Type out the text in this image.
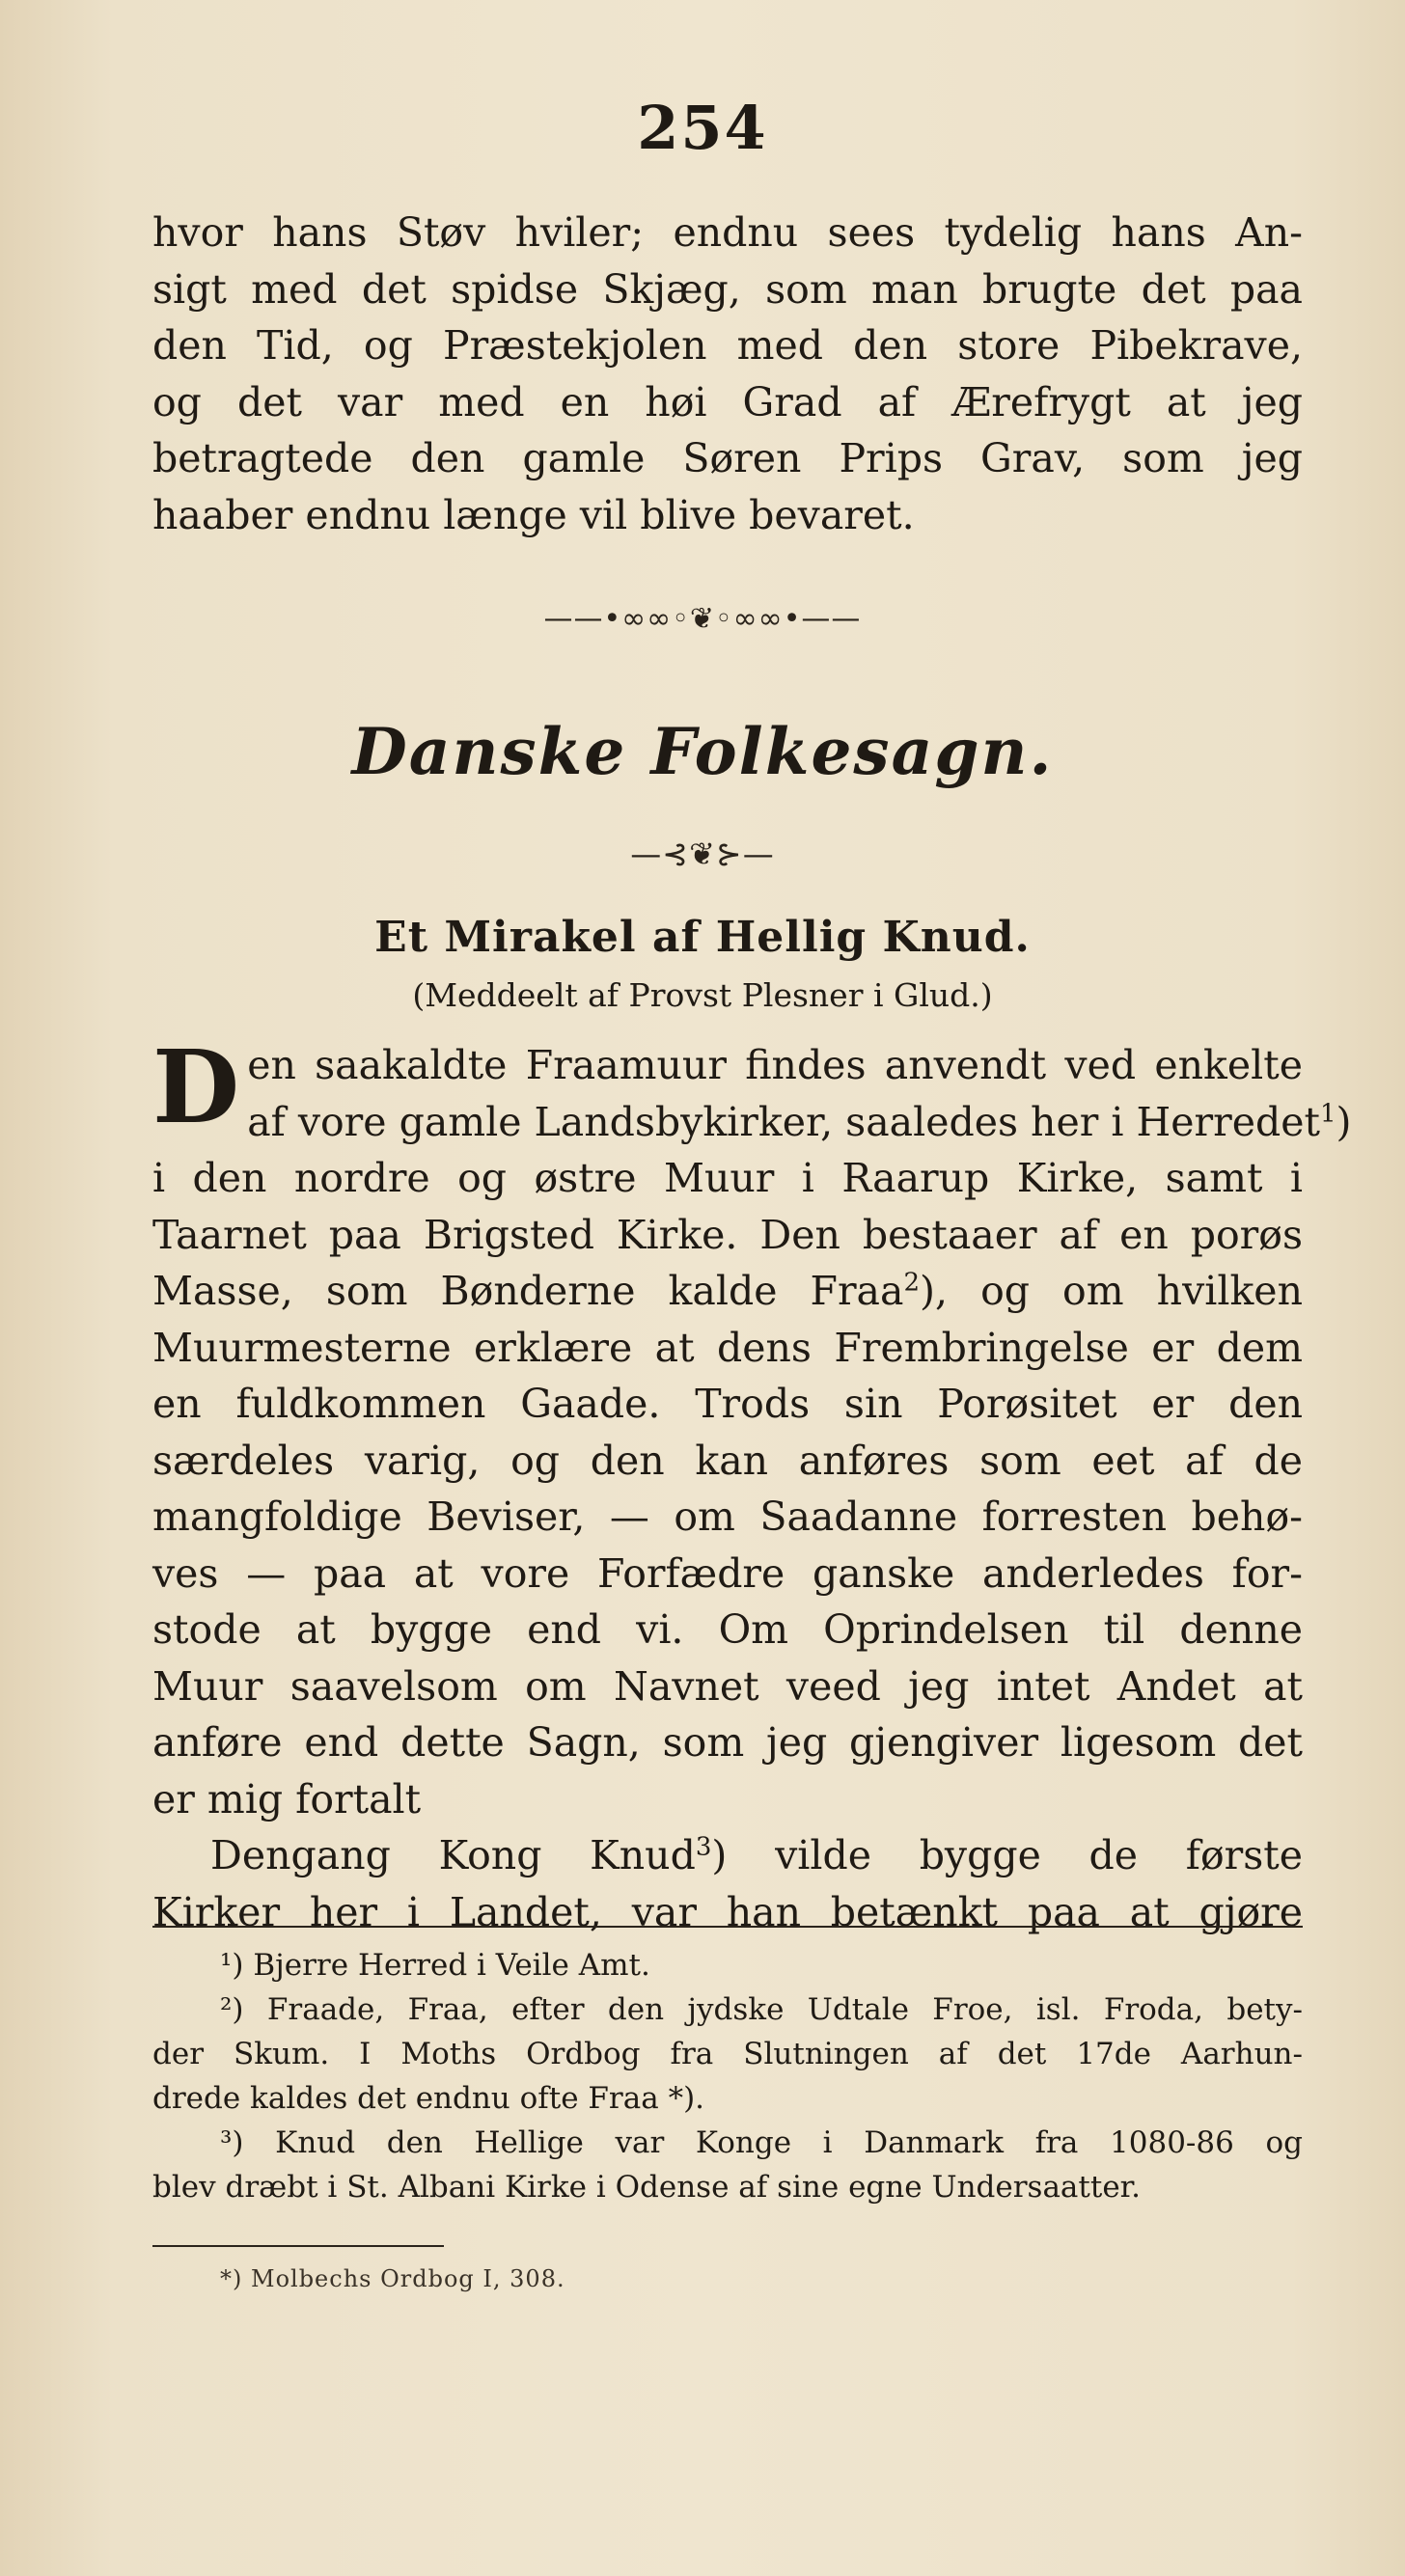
254
hvor hans Støv hviler; endnu sees tydelig hans An-
sigt med det spidse Skjæg, som man brugte det paa
den Tid, og Præstekjolen med den store Pibekrave,
og det var med en høi Grad af Ærefrygt at jeg
betragtede den gamle Søren Prips Grav, som jeg
haaber endnu længe vil blive bevaret.
——•∞∞◦❦◦∞∞•——
Danske Folkesagn.
—⊰❦⊱—
Et Mirakel af Hellig Knud.
(Meddeelt af Provst Plesner i Glud.)
D en saakaldte Fraamuur findes anvendt ved enkelte
af vore gamle Landsbykirker, saaledes her i Herredet$^1$)
i den nordre og østre Muur i Raarup Kirke, samt i
Taarnet paa Brigsted Kirke. Den bestaaer af en porøs
Masse, som Bønderne kalde Fraa$^2$), og om hvilken
Muurmesterne erklære at dens Frembringelse er dem
en fuldkommen Gaade. Trods sin Porøsitet er den
særdeles varig, og den kan anføres som eet af de
mangfoldige Beviser, — om Saadanne forresten behø-
ves — paa at vore Forfædre ganske anderledes for-
stode at bygge end vi. Om Oprindelsen til denne
Muur saavelsom om Navnet veed jeg intet Andet at
anføre end dette Sagn, som jeg gjengiver ligesom det
er mig fortalt
Dengang Kong Knud$^3$) vilde bygge de første
Kirker her i Landet, var han betænkt paa at gjøre
¹) Bjerre Herred i Veile Amt.
²) Fraade, Fraa, efter den jydske Udtale Froe, isl. Froda, bety-
der Skum. I Moths Ordbog fra Slutningen af det 17de Aarhun-
drede kaldes det endnu ofte Fraa *).
³) Knud den Hellige var Konge i Danmark fra 1080-86 og
blev dræbt i St. Albani Kirke i Odense af sine egne Undersaatter.
*) Molbechs Ordbog I, 308.
